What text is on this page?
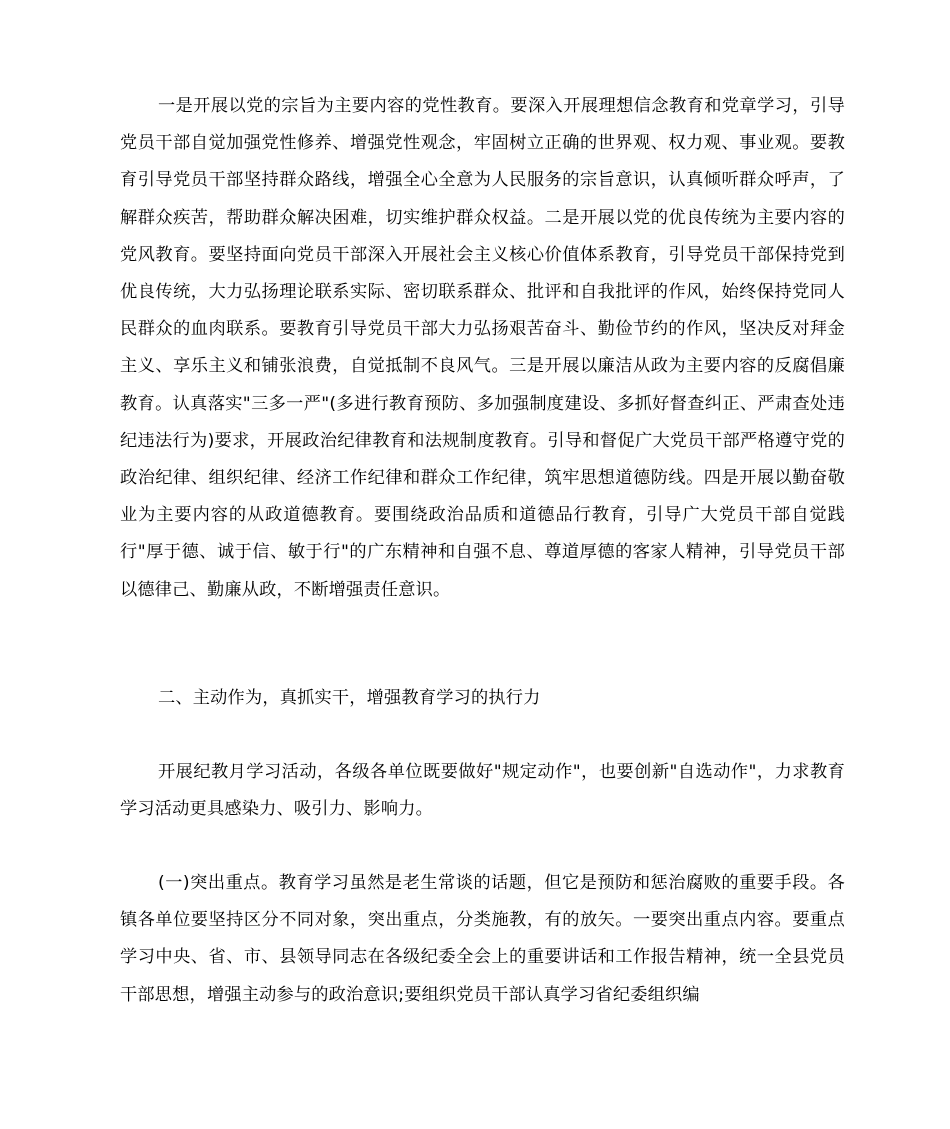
一是开展以党的宗旨为主要内容的党性教育。要深入开展理想信念教育和党章学习，引导党员干部自觉加强党性修养、增强党性观念，牢固树立正确的世界观、权力观、事业观。要教育引导党员干部坚持群众路线，增强全心全意为人民服务的宗旨意识，认真倾听群众呼声，了解群众疾苦，帮助群众解决困难，切实维护群众权益。二是开展以党的优良传统为主要内容的党风教育。要坚持面向党员干部深入开展社会主义核心价值体系教育，引导党员干部保持党到优良传统，大力弘扬理论联系实际、密切联系群众、批评和自我批评的作风，始终保持党同人民群众的血肉联系。要教育引导党员干部大力弘扬艰苦奋斗、勤俭节约的作风，坚决反对拜金主义、享乐主义和铺张浪费，自觉抵制不良风气。三是开展以廉洁从政为主要内容的反腐倡廉教育。认真落实"三多一严"(多进行教育预防、多加强制度建设、多抓好督查纠正、严肃查处违纪违法行为)要求，开展政治纪律教育和法规制度教育。引导和督促广大党员干部严格遵守党的政治纪律、组织纪律、经济工作纪律和群众工作纪律，筑牢思想道德防线。四是开展以勤奋敬业为主要内容的从政道德教育。要围绕政治品质和道德品行教育，引导广大党员干部自觉践行"厚于德、诚于信、敏于行"的广东精神和自强不息、尊道厚德的客家人精神，引导党员干部以德律己、勤廉从政，不断增强责任意识。

二、主动作为，真抓实干，增强教育学习的执行力

开展纪教月学习活动，各级各单位既要做好"规定动作"，也要创新"自选动作"，力求教育学习活动更具感染力、吸引力、影响力。

(一)突出重点。教育学习虽然是老生常谈的话题，但它是预防和惩治腐败的重要手段。各镇各单位要坚持区分不同对象，突出重点，分类施教，有的放矢。一要突出重点内容。要重点学习中央、省、市、县领导同志在各级纪委全会上的重要讲话和工作报告精神，统一全县党员干部思想，增强主动参与的政治意识;要组织党员干部认真学习省纪委组织编
